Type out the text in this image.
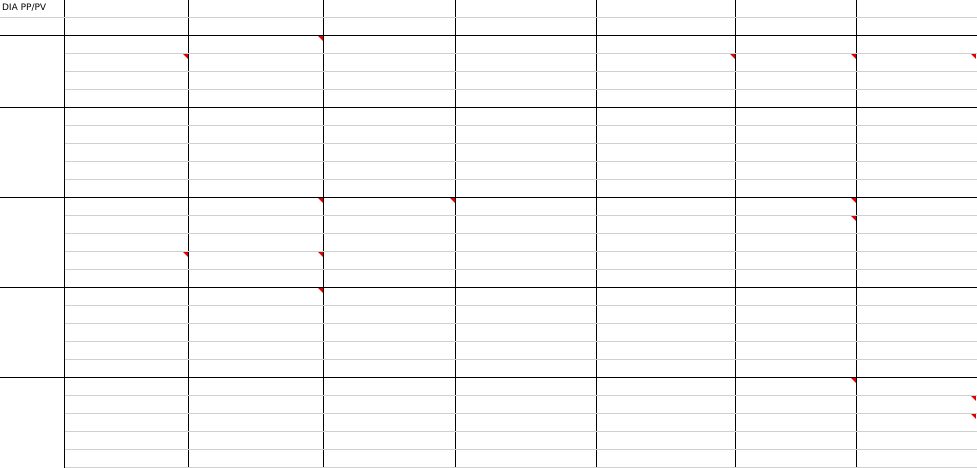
DIA PP/PV
